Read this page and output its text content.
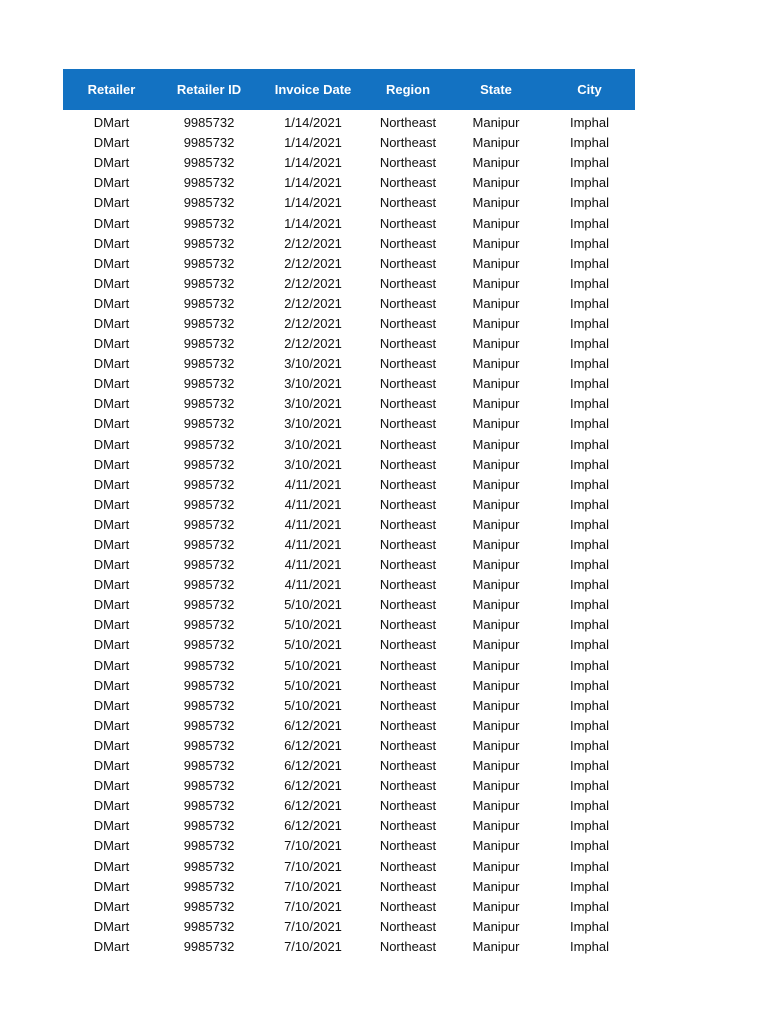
Retailer	Retailer ID	Invoice Date	Region	State	City
DMart	9985732	1/14/2021	Northeast	Manipur	Imphal
DMart	9985732	1/14/2021	Northeast	Manipur	Imphal
DMart	9985732	1/14/2021	Northeast	Manipur	Imphal
DMart	9985732	1/14/2021	Northeast	Manipur	Imphal
DMart	9985732	1/14/2021	Northeast	Manipur	Imphal
DMart	9985732	1/14/2021	Northeast	Manipur	Imphal
DMart	9985732	2/12/2021	Northeast	Manipur	Imphal
DMart	9985732	2/12/2021	Northeast	Manipur	Imphal
DMart	9985732	2/12/2021	Northeast	Manipur	Imphal
DMart	9985732	2/12/2021	Northeast	Manipur	Imphal
DMart	9985732	2/12/2021	Northeast	Manipur	Imphal
DMart	9985732	2/12/2021	Northeast	Manipur	Imphal
DMart	9985732	3/10/2021	Northeast	Manipur	Imphal
DMart	9985732	3/10/2021	Northeast	Manipur	Imphal
DMart	9985732	3/10/2021	Northeast	Manipur	Imphal
DMart	9985732	3/10/2021	Northeast	Manipur	Imphal
DMart	9985732	3/10/2021	Northeast	Manipur	Imphal
DMart	9985732	3/10/2021	Northeast	Manipur	Imphal
DMart	9985732	4/11/2021	Northeast	Manipur	Imphal
DMart	9985732	4/11/2021	Northeast	Manipur	Imphal
DMart	9985732	4/11/2021	Northeast	Manipur	Imphal
DMart	9985732	4/11/2021	Northeast	Manipur	Imphal
DMart	9985732	4/11/2021	Northeast	Manipur	Imphal
DMart	9985732	4/11/2021	Northeast	Manipur	Imphal
DMart	9985732	5/10/2021	Northeast	Manipur	Imphal
DMart	9985732	5/10/2021	Northeast	Manipur	Imphal
DMart	9985732	5/10/2021	Northeast	Manipur	Imphal
DMart	9985732	5/10/2021	Northeast	Manipur	Imphal
DMart	9985732	5/10/2021	Northeast	Manipur	Imphal
DMart	9985732	5/10/2021	Northeast	Manipur	Imphal
DMart	9985732	6/12/2021	Northeast	Manipur	Imphal
DMart	9985732	6/12/2021	Northeast	Manipur	Imphal
DMart	9985732	6/12/2021	Northeast	Manipur	Imphal
DMart	9985732	6/12/2021	Northeast	Manipur	Imphal
DMart	9985732	6/12/2021	Northeast	Manipur	Imphal
DMart	9985732	6/12/2021	Northeast	Manipur	Imphal
DMart	9985732	7/10/2021	Northeast	Manipur	Imphal
DMart	9985732	7/10/2021	Northeast	Manipur	Imphal
DMart	9985732	7/10/2021	Northeast	Manipur	Imphal
DMart	9985732	7/10/2021	Northeast	Manipur	Imphal
DMart	9985732	7/10/2021	Northeast	Manipur	Imphal
DMart	9985732	7/10/2021	Northeast	Manipur	Imphal
